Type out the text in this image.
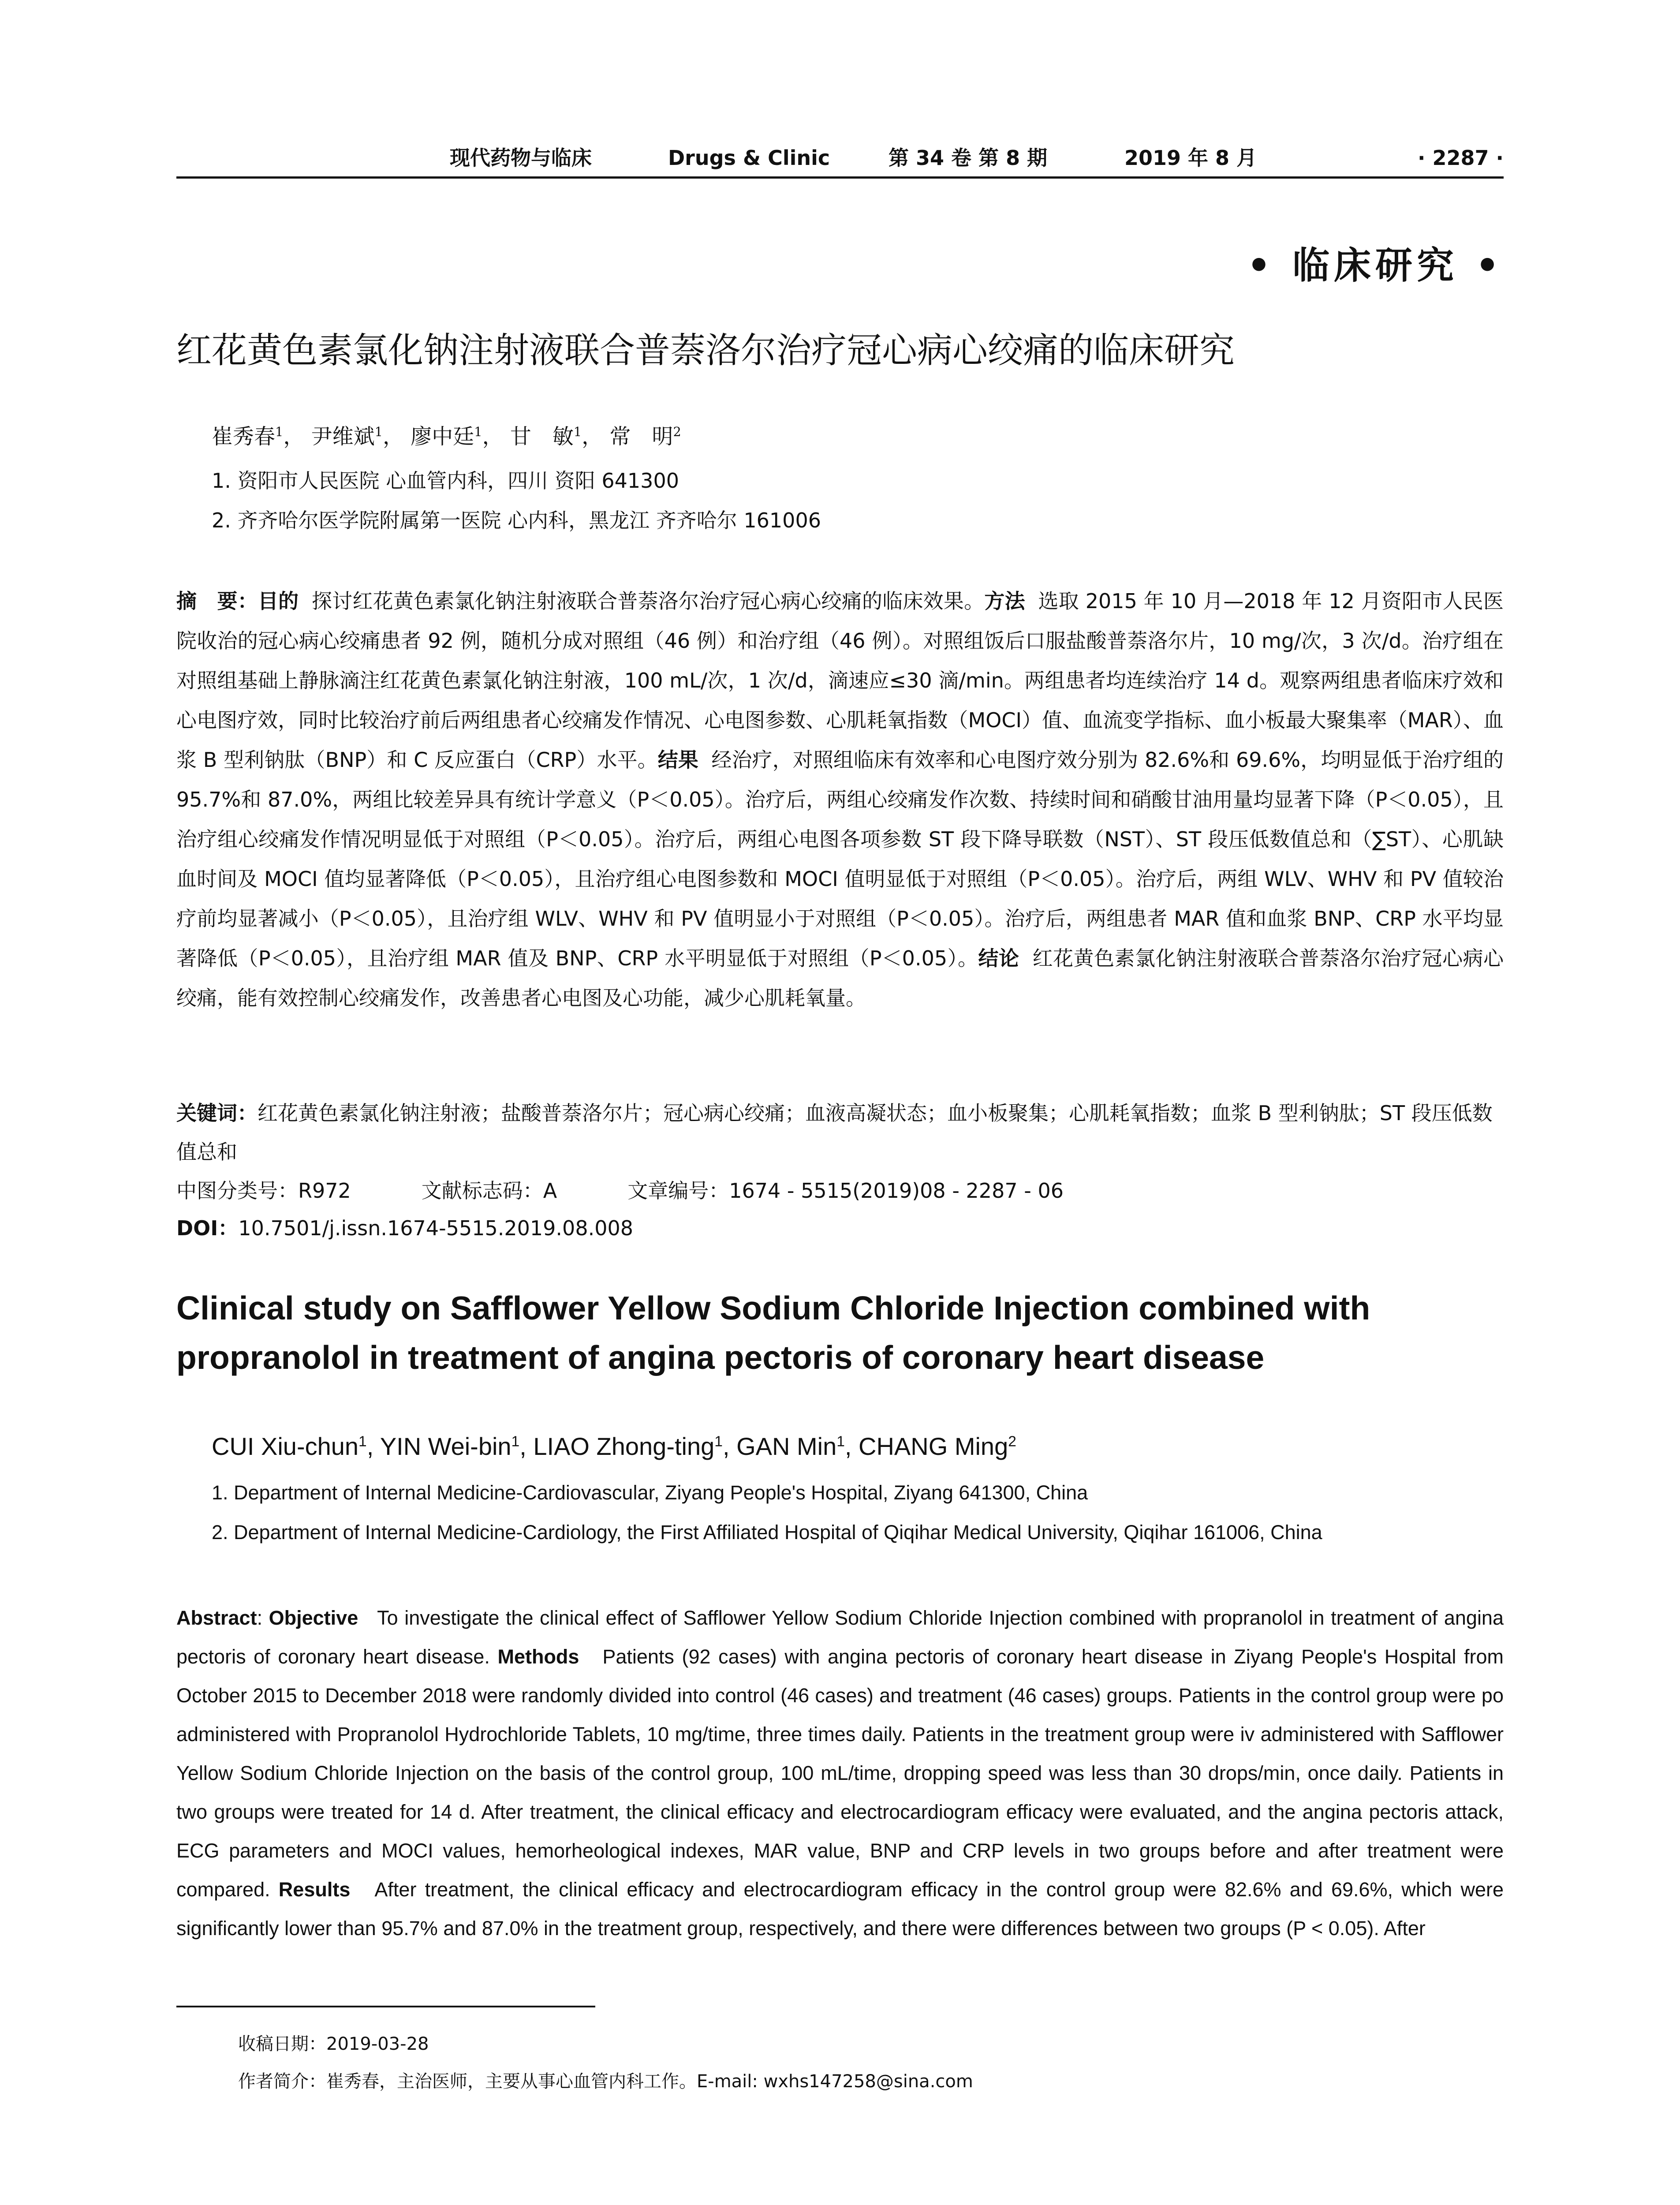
现代药物与临床	Drugs & Clinic	第 34 卷 第 8 期	2019 年 8 月	· 2287 ·
• 临床研究 •
红花黄色素氯化钠注射液联合普萘洛尔治疗冠心病心绞痛的临床研究
崔秀春$^1$， 尹维斌$^1$， 廖中廷$^1$， 甘　敏$^1$， 常　明$^2$
1. 资阳市人民医院 心血管内科，四川 资阳 641300
2. 齐齐哈尔医学院附属第一医院 心内科，黑龙江 齐齐哈尔 161006

摘　要：目的 探讨红花黄色素氯化钠注射液联合普萘洛尔治疗冠心病心绞痛的临床效果。方法 选取 2015 年 10 月—2018 年 12 月资阳市人民医院收治的冠心病心绞痛患者 92 例，随机分成对照组（46 例）和治疗组（46 例）。对照组饭后口服盐酸普萘洛尔片，10 mg/次，3 次/d。治疗组在对照组基础上静脉滴注红花黄色素氯化钠注射液，100 mL/次，1 次/d，滴速应≤30 滴/min。两组患者均连续治疗 14 d。观察两组患者临床疗效和心电图疗效，同时比较治疗前后两组患者心绞痛发作情况、心电图参数、心肌耗氧指数（MOCI）值、血流变学指标、血小板最大聚集率（MAR）、血浆 B 型利钠肽（BNP）和 C 反应蛋白（CRP）水平。结果 经治疗，对照组临床有效率和心电图疗效分别为 82.6%和 69.6%，均明显低于治疗组的 95.7%和 87.0%，两组比较差异具有统计学意义（P＜0.05）。治疗后，两组心绞痛发作次数、持续时间和硝酸甘油用量均显著下降（P＜0.05），且治疗组心绞痛发作情况明显低于对照组（P＜0.05）。治疗后，两组心电图各项参数 ST 段下降导联数（NST）、ST 段压低数值总和（∑ST）、心肌缺血时间及 MOCI 值均显著降低（P＜0.05），且治疗组心电图参数和 MOCI 值明显低于对照组（P＜0.05）。治疗后，两组 WLV、WHV 和 PV 值较治疗前均显著减小（P＜0.05），且治疗组 WLV、WHV 和 PV 值明显小于对照组（P＜0.05）。治疗后，两组患者 MAR 值和血浆 BNP、CRP 水平均显著降低（P＜0.05），且治疗组 MAR 值及 BNP、CRP 水平明显低于对照组（P＜0.05）。结论 红花黄色素氯化钠注射液联合普萘洛尔治疗冠心病心绞痛，能有效控制心绞痛发作，改善患者心电图及心功能，减少心肌耗氧量。

关键词：红花黄色素氯化钠注射液；盐酸普萘洛尔片；冠心病心绞痛；血液高凝状态；血小板聚集；心肌耗氧指数；血浆 B 型利钠肽；ST 段压低数值总和
中图分类号：R972	文献标志码：A	文章编号：1674 - 5515(2019)08 - 2287 - 06
DOI：10.7501/j.issn.1674-5515.2019.08.008
Clinical study on Safflower Yellow Sodium Chloride Injection combined with propranolol in treatment of angina pectoris of coronary heart disease
CUI Xiu-chun$^1$, YIN Wei-bin$^1$, LIAO Zhong-ting$^1$, GAN Min$^1$, CHANG Ming$^2$
1. Department of Internal Medicine-Cardiovascular, Ziyang People's Hospital, Ziyang 641300, China
2. Department of Internal Medicine-Cardiology, the First Affiliated Hospital of Qiqihar Medical University, Qiqihar 161006, China

Abstract: Objective To investigate the clinical effect of Safflower Yellow Sodium Chloride Injection combined with propranolol in treatment of angina pectoris of coronary heart disease. Methods Patients (92 cases) with angina pectoris of coronary heart disease in Ziyang People's Hospital from October 2015 to December 2018 were randomly divided into control (46 cases) and treatment (46 cases) groups. Patients in the control group were po administered with Propranolol Hydrochloride Tablets, 10 mg/time, three times daily. Patients in the treatment group were iv administered with Safflower Yellow Sodium Chloride Injection on the basis of the control group, 100 mL/time, dropping speed was less than 30 drops/min, once daily. Patients in two groups were treated for 14 d. After treatment, the clinical efficacy and electrocardiogram efficacy were evaluated, and the angina pectoris attack, ECG parameters and MOCI values, hemorheological indexes, MAR value, BNP and CRP levels in two groups before and after treatment were compared. Results After treatment, the clinical efficacy and electrocardiogram efficacy in the control group were 82.6% and 69.6%, which were significantly lower than 95.7% and 87.0% in the treatment group, respectively, and there were differences between two groups (P < 0.05). After

收稿日期：2019-03-28
作者简介：崔秀春，主治医师，主要从事心血管内科工作。E-mail: wxhs147258@sina.com
